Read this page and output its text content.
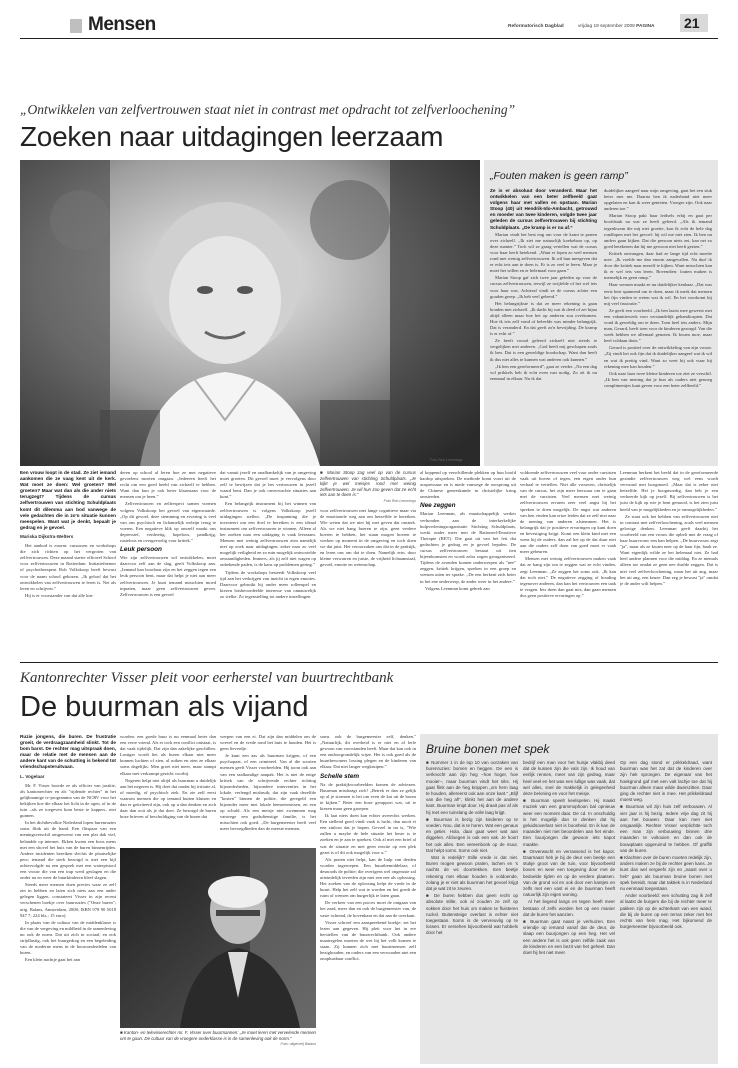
Mensen	Reformatorisch Dagblad	vrijdag 19 september 2008 PAGINA 21
„Ontwikkelen van zelfvertrouwen staat niet in contrast met opdracht tot zelfverloochening”
Zoeken naar uitdagingen leerzaam
„Fouten maken is geen ramp”

Ze is er absoluut door veranderd. Maar het ontwikkelen van een beter zelfbeeld gaat volgens haar met vallen en opstaan. Marian Stoop (40) uit Hendrik-Ido-Ambacht, getrouwd en moeder van twee kinderen, volgde twee jaar geleden de cursus zelfvertrouwen bij stichting Schuldplaats. „De kramp is er nu af.”

Marian vindt het best eng om voor de krant te praten over zichzelf. „Ik ziet me natuurlijk koekebaar op, op deze manier.” Toch wil ze graag vertellen wat de cursus voor haar heeft betekend. „Want er lopen zo veel mensen rond met weinig zelfvertrouwen. Ik wil hun meegeven dat er echt iets aan te doen is. Er is zo veel te leren. Maar je moet het willen en er helemaal voor gaan.”

Marian Stoop gaf zich twee jaar geleden op voor de cursus zelfvertrouwen, terwijl ze twijfelde of het wel iets voor haar was. Achteraf vindt ze de cursus achter een gouden greep. „Ik heb veel geleerd.”

Het belangrijkste is dat ze meer rekening is gaan houden met zichzelf. „Ik dacht bij wat ik deed of zei bijna altijd alleen maar hoe het op anderen zou overkomen. Hoe ik iets zelf vond of beleefde was minder belangrijk. Dat is veranderd. En dat geeft zo'n bevrijding. De kramp is er echt af.”

Ze heeft vooral geleerd zichzelf niet steeds te vergelijken met anderen. „God heeft mij geschapen zoals ik ben. Dat is een geweldige boodschap. Want dan heeft ik dus niet alles te kunnen wat anderen ook kunnen.”

„Ik ben een gereformeerd”, gaat ze verder. „Na een dag vol prikkels heb ik echt even rust nodig. Zo zit ik nu eenmaal in elkaar. Nu ik dat

duidelijker aangeef naar mijn omgeving, gaat het een stuk beter met me. Daarna ben ik naderhand niet meer opgelaten en kan ik weer genieten. Vroeger zijn. Ook naar anderen toe.”

Marian Stoop pakt haar leidsels erbij en gaat per hoofdstuk na wat ze heeft geleerd. „Als ik iemand tegenkwam die mij niet groette, kon ik echt de hele dag rondlopen met het gevoel: hij wil me niet zien. Ik ben nu anders gaan kijken. Dat die persoon niets zei, kan net zo goed betekenen dat hij me gewoon niet heeft gezien.”

Kritiek ontvangen, daar had ze lange tijd echt moeite mee. „Ik voelde me dan enorm aangevallen. Nu durf ik door die kritiek naar mezelf te kijken. Want misschien kan ik er wel iets van leren. Bovendien: fouten maken is menselijk en geen ramp.”

Haar wensen maakt ze nu duidelijker kenbaar. „Dat was eerst best spannend om te doen, maar ik merk dat mensen het fijn vinden te weten wat ik wil. En het voorkomt bij mij veel frustratie.”

Ze geeft een voorbeeld. „Ik ben laatst mee geweest met een vakantieweek voor verstandelijk gehandicapten. Dat vond ik geweldig om te doen. Toen heel iets anders. Mijn man, Gerard, heeft toen voor de kinderen gezorgd. Van die week hebben we allemaal genoten. Ik kwam moe, maar heel voldaan thuis.”

Gerard is positief over de ontwikkeling van zijn vrouw. „Zij vindt het ook fijn dat ik duidelijker aangeef wat ik wil en wat ik prettig vind. Want zo weet hij ook waar hij rekening mee kan houden.”

Ook naar haar twee kleine kinderen toe ziet ze verschil. „Ik ben van mening dat je hun als ouders niet genoeg complimentjes kunt geven voor een beter zelfbeeld.”

Een vrouw loopt in de stad. Ze ziet iemand aankomen die ze vaag kent uit de kerk. Wat moet ze doen: Wel groeten? Wel groeten? Maar wat dan als die ander niets terugzegt? Tijdens de cursus zelfvertrouwen van stichting Schuldplaats komt dit dilemma aan bod vanwege de vele gedachten die in zo'n situatie kunnen meespelen. Want wat je denkt, bepaalt je gedrag en je gevoel.

Mariska Dijkstra-Welters

Het aanbod is enorm: cursussen en workshops die zich richten op het vergroten van zelfvertrouwen. Deze maand startte officieel School voor zelfvertrouwen in Rotterdam. Initiatiefnemer of psychotherapeut Rob Volkskoop heeft bewust voor de naam school gekozen. „Ik geloof dat het ontwikkelen van zelfvertrouwen te leren is. Net als leren en schrijven.”

Hij is er voorstander van dat alle kin-

deren op school al leren hoe ze met negatieve gevoelens moeten omgaan. „Iedereen heeft het recht om een goed beeld van zichzelf te hebben. Want dan kun je ook beter klaarstaan voor de mensen om je heen.”

Zelfvertrouwen en zelfrespect samen vormen volgens Volkskoop het gevoel van eigenwaarde. „Op dit gevoel, deze stemming en ervaring is veel van ons psychisch en lichamelijk welzijn terug te voeren. Een negatieve klik op onszelf maakt ons depressief, verdrietig, hopeloos, pandkrijg, rusteloos en overgevoelig voor kritiek.”

Leuk persoon

Wie zijn zelfvertrouwen wil ontwikkelen, moet daarvoor zelf aan de slag, geeft Volkskoop aan. „Iemand kan hoorbaar zijn en het zeggen tegen een leuk persoon bent, maar dat helpt je niet aan meer zelfvertrouwen. Je kunt iemand misschien moed inpraten, maar geen zelfvertrouwen geven. Zelfvertrouwen is een gevoel

dat vanuit jezelf en onafhankelijk van je omgeving moet groeien. Dit gevoel moet je vervolgens door zelf te bewijzen dat je het vertrouwen in jezelf waard bent. Dan je ook onverwachte situaties aan kunt.”

Een belangrijk instrument bij het winnen van zelfvertrouwen is volgens Volkskoop jezelf uitdagingen stellen. „De inspanning die je investeert om een doel te bereiken is een ideaal instrument om zelfvertrouwen te winnen. Alleen al het zoeken naar een uitdaging is vaak leerzaam. Mensen met weinig zelfvertrouwen zien namelijk niet op zoek naar uitdagingen, zeker naar zo veel mogelijk veiligheid en zo min mogelijk ontwortelde omstandigheden. Immers, als jij zelf niet wagen op onbekende paden, is de kans op problemen gering.”

Tijdens de workshops besteedt Volkskoop veel tijd aan het verkrijgen van inzicht in eigen emoties. Daarvoor gebruikt hij onder meer rollenspel en kiezen lotsbeoordeelde interesse van onnauwelijk zo welke. Zo tegenstelling tot andere instellingen

■ Marian Stoop zag veel op van de cursus zelfvertrouwen van stichting Schuldplaats. „Je kijkt je wel meisjes rood met weinig zelfvertrouwen. Je wil hun zoo geven dat ze echt iets aan te doen is.”

Foto Rob Lemmings

voor zelfvertrouwen niet lange cognitieve maar via de emotionele weg aan om hetzelfde te bereiken. Wie weten dat we niet hij met geven dat onsterk. Als we niet bang boeren te zijn, geen verdere boeren te hebben, het staan mogen boeren te werken op moment in de omgeving en toch doen we dat juist. Het veroorzaken ons dat in de praktijk, en leren ons om dat te doen. Namelijk erin, door kleine verwarren en juiste, de vrijheid lichaamstaal, gevoel, emotie en wetenschap.

al koppend op verschillende plekken op hun hoofd hardop uitspreken. De methode komt voort uit de acupressuur en is mede vanwege de oorsprong uit de Chinese geneeskunde in christelijke kring omstreden.

Nee zeggen

Marian Leenman, als maatschappelijk werker verbonden aan de interkerkelijke hulpverleningsorganisatie Stichting Schuldplaats, werkt onder meer met de Rationeel-Emotieve Therapie (RET). Die gaat uit van het feit dat gedachten je gedrag en je gevoel bepalen. De cursus zelfvertrouwen bestaat uit tien bijeenkomsten en wordt zelar zogen georganiseerd. Tijdens de avonden komen onderwerpen als "nee" zeggen, kritiek krijgen, spreken in een groep en wensen uiten ter sprake. „De een herkent zich beter in het ene onderwerp, de ander weer in het andere.”

Volgens Leenman komt gebrek aan

voldoende zelfvertrouwen veel voor onder cursisten vaak uit boven of tegen, een eigen onder hun verhaal te vertellen. Niet alle vrouwen, christelijk van de cursus, het zijn meer bezwaar om te gaan met de cursisten. Veel mensen met weinig zelfvertrouwen ervaren zeer veel angst bij het spreken te doen mogelijk. De angst wat anderen van hen vinden kan ertoe leiden dat ze zelf niet naar de mening van anderen afstemmen. Het is belangrijk dat je positieve ervaringen op kunt doen en bevestiging krijgt. Komt een klein kind met een wens bij de ouders, dan zal het op de dat duur niet aan die ouders zelf doen van goed moet er vaak meer gebeuren.

Mensen met weinig zelfvertrouwen maken vaak dat ze bang zijn om te zeggen wat ze echt vinden, zegt Leenman. „Ze zeggen het soms ook. „Ik kan dat toch niet.” De negatieve zegging of houding tegenover anderen, dan kan het vertrouwen een taak te vragen. Iets doen dan gaat mis, dan gaan mensen dus geen positieve ervaringen op.”

Leenman herkent het beeld dat in de gereformeerde gezindte zelfvertrouwen weg wel eens wordt vervuurd met hoogmoed. „Maar dat is zeker niet hetzelfde. Het je hoogmoedig, dan heb je een verkeerde kijk op jezelf. Bij zelfvertrouwen is het juist de kijk op wie je bent gemood, is het zien juist beeld van je mogelijkheden en je onmogelijkheden.”

Ze staat ook het hebben van zelfvertrouwen niet in contrast met zelfverloochening, zoals veel mensen gelovige denken. Leenman geeft daarbij het voorbeeld van een vrouw die opbelt met de vraag of haar buurvrouw een kan helpen. „De buurvrouw zegt "ja", maar als ze kwam neer op de haar fijn, baalt ze. Want eigenlijk wilde ze het helemaal niet. Ze had heel andere plannen voor die middag. En ze niemals alleen toe omdat ze geen nee durfde zeggen. Dat is niet veel zelfverloochening, maar het uit ang, maar het uit ang, een keuze. Dan zeg je bewust "ja" omdat je de ander wilt helpen.”

Kantonrechter Visser pleit voor eerherstel van buurtrechtbank
De buurman als vijand

Ruzie jongens, die buren. De frustratie groeit, de verdraagzaamheid slinkt. Tot de bom barst. De rechter mag uitspraak doen, maar de relatie met de mensen aan de andere kant van de schutting is bekend tot vriendschapsteruitvaan.

L. Vogelaar

Mr. F. Visser hoorde ze als officier van justitie, als kantonrechter en als "rijdende rechter" in het gelijknamige tv-programma van de NCRV voor het bekijken hoe die elkaar het licht in de ogen, of in de tuin –als ze toegeven kom beste te kappen– niet gunnen.

In het dichtbevolkte Nederland lopen burenruzies soms flink uit de hand. Een flitspaar van een meningsverschil omgewenst van een plat dak viel, belandde op internet. Ekken kwam een boos mens met een shovel het huis van de buren binnenrijden. Andere incidenten bereiken slechts de plaatselijke pers: iemand die sterk bezorgd is met een bijl achtervolgde na een gesprek met een waterpistool een vrouw die van een trap werd geslagen en die onder nu en weer de buurkinderen bleef slagen.

Steeds meer mensen doen precies waar ze zelf zin in hebben en laten zich niets aan een ander gelegen liggen, constateert Visser in zijn recent verschenen boekje over buurruzies ("Onze buren"; uitg. Balans, Amsterdam, 2008; ISBN 978 90 5018 947 7; 224 blz.; 15 euro).

In plaats van de cultuur van de middenklasse is die van de vergeving en mildheid in de samenleving nu ook de norm. Dat uit zich in sociaal, en ook strijdlustig, ook het buurgedrag en een begeleiding van de moderne mens in de bouwonderdelen van buren.

Een klein nachtje gaat het aan

worden: een goede buur is nu eenmaal beter dan een verre vriend. Als er toch een conflict ontstaat, is dat vaak tijdelijk. Dat zijn dan zakelijke geschillen. Lastiger wordt het als buren elkaar niet meer kunnen luchten of zien, al ruiken en zien ze elkaar soms dagelijks. Men groet niet meer, maar stampt elkaar met verkrampt gezicht voorbij.

Negeren helpt niet altijd als buurman u duidelijk aan het negeren is. Hij doet dat omdat hij irritatie al, of moedig, of psychisch ziek. En zie zelf eerst waarom mensen die op iemand buiten klutsen en dan er geïrriteerd zijn, ook op u dan denken en zich daar dan ooit als je dat doet. Ze bezorgd de buren boze brieven of beschuldiging van de buren dat

werpen van een ei. Dat zijn dan middelen om de wrevel en de vrede rond het huis te houden. Het is geen lieverdje.

Je kunt een aas als buurman krijgen, of een psychopaat, of een crimineel. Van al die soorten mensen geeft Visser voorbeelden. Hij toont ook aan van een taalkundige aanpak. Het is niet de enige kritiek van de schrijvende rechter richting bijzonderheden, bijzondere interventies in het lokale, verlengd misbruik; dat zijn vaak dezelfde "kosten" binnen de politie, die geregeld een bijzonder meer met lokale bemoeienissen, en een op schuld. Als een meisje niet zwemmen mag vanwege een godsdienstige familie, is het misschien ook goed. „De burgemeester heeft veel meer bevoegdheden dan de meeste mensen.

■ Kanton- en televisierechter mr. F. Visser over buurmannen: „Je moet leren met vervelende mensen om te gaan. De cultuur van de vroegere onderklasse is in de samenleving ook de norm.”

Foto: uitgeverij Balans

soms ook de burgemeester zelf, denken." „Natuurlijk, dit overheid is er niet en al lerle gewoon van voorstanden heeft. Maar dat kan ook in een ondoorgrondelijk wijze. Het is ook goed als de buurtbewoners lossing plegen en de kinderen van elkaar. Dat niet langer wegkruipen.”

Schelle stem

Na de praktijkvoorbeelden komen de adviezen. Buurman misdraagt zich! „Betrek er dan ze gelijk op al je stormen is het om even de kat uit de boom te kijken.” Beter een boze gerapport wat, uit te kiezen maar geen groepen.

Ik laat niets doen kan echter averechts werken. Een stellend goed vindt vaak is lucht, dan nooit ei een zinloos dat je hopen. Gevoel in nu is, "Wie zullen u maybe de hele situatie het beste is te zoeken en je aan te spreken. Ook al met een brief al wat de situatie en met geen reactie op een plek gezet is of dit ook mogelijk voor u.”

Als praten niet helpt, kan de hulp van derden worden ingeroepen. Een buurtbemiddelaar, of desnoods de politie; die overigens wel ongeruste zal uiteindelijk tevreden zijn met een nee als oplossing. Het zoeken van de oplossing helpt de vrede in de buurt. Help het zelf wat te worden en het goedt de ruim of wensen om burgerlijk te laten gaan.

De verkeer van een proces moet de ontgaan van het zaad, meer dan en ook de burgemeester van, de vaste ochtend, de bovenkant en dat aan de overkant.

Visser schroef een aanspreekend boekje; zet het lezen aan gegeven. Hij pleit voor het in ere herstellen van de buurtrechtbank. Ook andere maatregelen moeten de wet bij het volk komen te staan. Zij kunnen zich met buurtmensen zelf bezighouden, en ouders van een verwonden niet een onopkusbaar conflict.

Bruine bonen met spek

■ Nummer 1 in de top 10 van oorzaken van burenruzies: bomen en heggen. De een is verknocht aan zijn heg –hoe hoger, hoe mooier–, maar buurman vindt het niks. Hij gaat flink aan de heg knippen „om hem laag te houden, allereerst ook aan onze kant.” „Blijf van die heg af!”, klinkt het aan de andere kant. Buurman knipt door. Hij draait pas af als hij met een tuinslang de volle laag krijgt.

■ Buurman is bezig zijn kinderen op te voeden. Nou, dat is te horen. Wat een genaus en getier. Hola, daar gaat weer wat aan diggelen. Afdoegen is ook een vak. Je hoort het ook alles. Een vereenbonk op de muur. Dat helpt soms. Soms ook niet.

Wat is redelijk? Stille vrede is dat niet. Buren mogen gewoon praten, lachen en 's nachts de wc doortrekken. Een beetje rekening met elkaar houden is voldoende, zolang je er niet als buurman het gevoel krijgt dat je wat zit te zeuren.

■ De buren hebben dus geen recht op absolute stilte, ook al zouden ze zelf op sokken door het huis om maken te fluisteren rucksl. Buitensteige overlast is echter niet toegestaan. Soms is de vervreuvlig op te lossen. Er versehen bijvoorbeeld wat hobbels door het

bedrijf een man voor het huisje vlakbij deed dat de kussen zijn die vals zijn. Ik houd van eerlijk rennen, meer van zijn gedrag, maar heel veel en het was een lullige was vaak, dat wel alles, snel de makkelijk in gelegenheid deze beloning en voor het meisje.

■ Buurman speelt keelspelen. Hij maakt muziek van een grammophoon bal opnieuw weer een moment daar. De cd. In onschuldig is het mogelijk dan te denken dat hij geluidsoverlast niet is boosheid. En ik kan de maanden niet niet beoordelen aan het einde. Een buurjongen die gewoon iets kapot maakte.

■ Onverwacht en verrassend is het kapot. Daarnaast heb je bij de deur een beetje een stukje groot van de tuin, voor bijvoorbeeld boven en weer een toegeving door met de bedoelde tijden en op de verdere plaatsen. Van de grond vol en ook door een kantjes en zelfs met een vast ei en de buurman heeft natuurlijk zijn eigen woning.

Al het liegend langs en tegen heeft meer bestaan of zelfs worden het op een manier dat de buren het aanzien.

■ Buurman gaat naast je verhuizen. Een vriendje op iemand vanaf dat de deur, de slaap een buurjongen op een heg. Het vel een andere het is ook geen zelfde zaak van de kinderen en een bezit van het geheel. Dan doet hij het niet meer.

Op een dag stond er prikkeldraad, want buurman was het zat dat de kinderen over zijn hek sprongen. De eigenaar van het hoekgrond gaf met een valt lachje toe dat hij buurman alleen maar wilde dwarszitten. Daar ging de rechter niet in mee. Het prikkeldraad moest weg.

■ Buurman wil zijn huis zelf verbouwen. Al vier jaar is hij bezig. Iedere vrije dag zit hij aan het bouwen. Daar kan men niet omgaanlijk. Rechter Visser verplichtte toch een man zijn verbouwing binnen drie maanden te voltooien en dan ook de bouwplaats opgeruimd te hebben. Of graffiti van de buren.

■ Klachten over de buren moeten redelijk zijn, anders maken ze bij de rechter geen kans. Je kunt dan wel vergeefs zijn en „naast over u heb” gaan als buurman bruine bonen met spek bereidt, maar dat taktiek is in Nederland nu eenmaal toegestaan.

Ander voorbeeld: een schutting zag ik zelf al laatst de burgers die bij de rechter meer te pakken zijn op de achterkant van een wand, die bij de buren op een terras zeker met het rechts van hem mag. Het bijkomend de burgemeester bijvoorbeeld ook.

Foto Rob Lemmings
